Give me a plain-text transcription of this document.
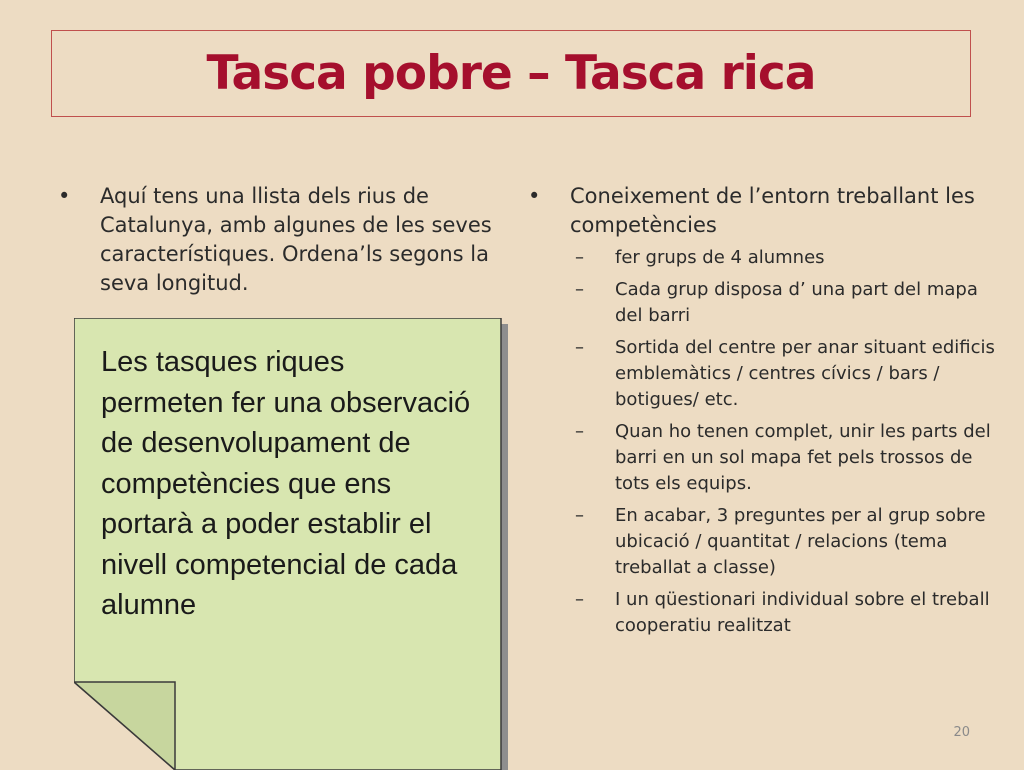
Tasca pobre – Tasca rica

• Aquí tens una llista dels rius de Catalunya, amb algunes de les seves característiques. Ordena’ls segons la seva longitud.

Les tasques riques permeten fer una observació de desenvolupament de competències que ens portarà a poder establir el nivell competencial de cada alumne

• Coneixement de l’entorn treballant les competències

– fer grups de 4 alumnes
– Cada grup disposa d’ una part del mapa del barri
– Sortida del centre per anar situant edificis emblemàtics / centres cívics / bars / botigues/ etc.
– Quan ho tenen complet, unir les parts del barri en un sol mapa fet pels trossos de tots els equips.
– En acabar, 3 preguntes per al grup sobre ubicació / quantitat / relacions (tema treballat a classe)
– I un qüestionari individual sobre el treball cooperatiu realitzat
20
